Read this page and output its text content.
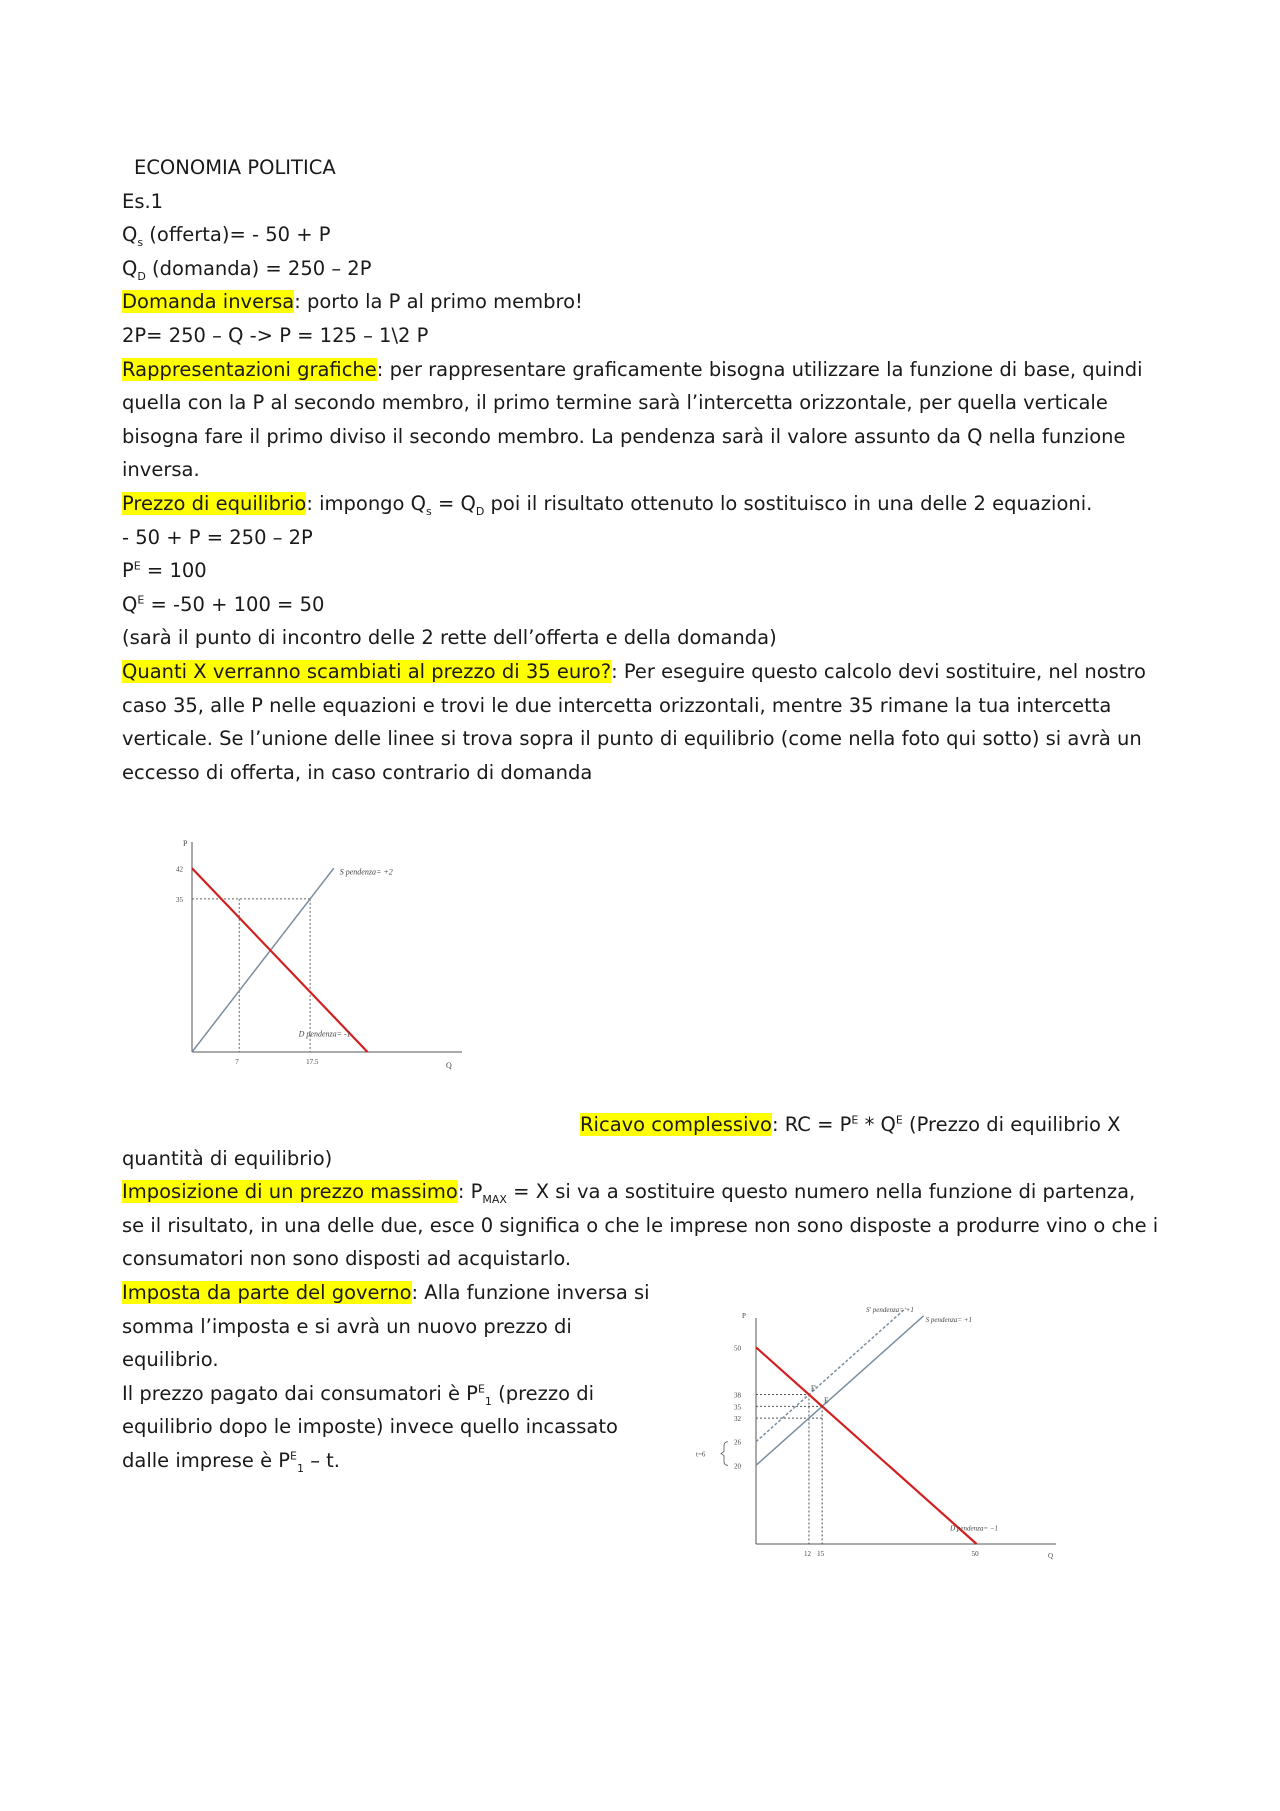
ECONOMIA POLITICA
Es.1
$Q_s$ (offerta)= - 50 + P
$Q_D$ (domanda) = 250 – 2P
Domanda inversa: porto la P al primo membro!
2P= 250 – Q -> P = 125 – 1\2 P
Rappresentazioni grafiche: per rappresentare graficamente bisogna utilizzare la funzione di base, quindi quella con la P al secondo membro, il primo termine sarà l’intercetta orizzontale, per quella verticale bisogna fare il primo diviso il secondo membro. La pendenza sarà il valore assunto da Q nella funzione inversa.
Prezzo di equilibrio: impongo $Q_s = Q_D$ poi il risultato ottenuto lo sostituisco in una delle 2 equazioni.
- 50 + P = 250 – 2P
$P^E = 100$
$Q^E = -50 + 100 = 50$
(sarà il punto di incontro delle 2 rette dell’offerta e della domanda)
Quanti X verranno scambiati al prezzo di 35 euro?: Per eseguire questo calcolo devi sostituire, nel nostro caso 35, alle P nelle equazioni e trovi le due intercetta orizzontali, mentre 35 rimane la tua intercetta verticale. Se l’unione delle linee si trova sopra il punto di equilibrio (come nella foto qui sotto) si avrà un eccesso di offerta, in caso contrario di domanda
P
Q
42
35
7	17.5
S pendenza= +2
D pendenza= -1
Ricavo complessivo: RC = $P^E * Q^E$ (Prezzo di equilibrio X
quantità di equilibrio)
Imposizione di un prezzo massimo: $P_{MAX} = X$ si va a sostituire questo numero nella funzione di partenza, se il risultato, in una delle due, esce 0 significa o che le imprese non sono disposte a produrre vino o che i consumatori non sono disposti ad acquistarlo.
Imposta da parte del governo: Alla funzione inversa si somma l’imposta e si avrà un nuovo prezzo di equilibrio.
Il prezzo pagato dai consumatori è $P^E_1$ (prezzo di equilibrio dopo le imposte) invece quello incassato dalle imprese è $P^E_1$ – t.
P
Q
50
38
35
32
26
20
12 15	50
t=6
E'
E
S' pendenza= +1
S pendenza= +1
D pendenza= −1
